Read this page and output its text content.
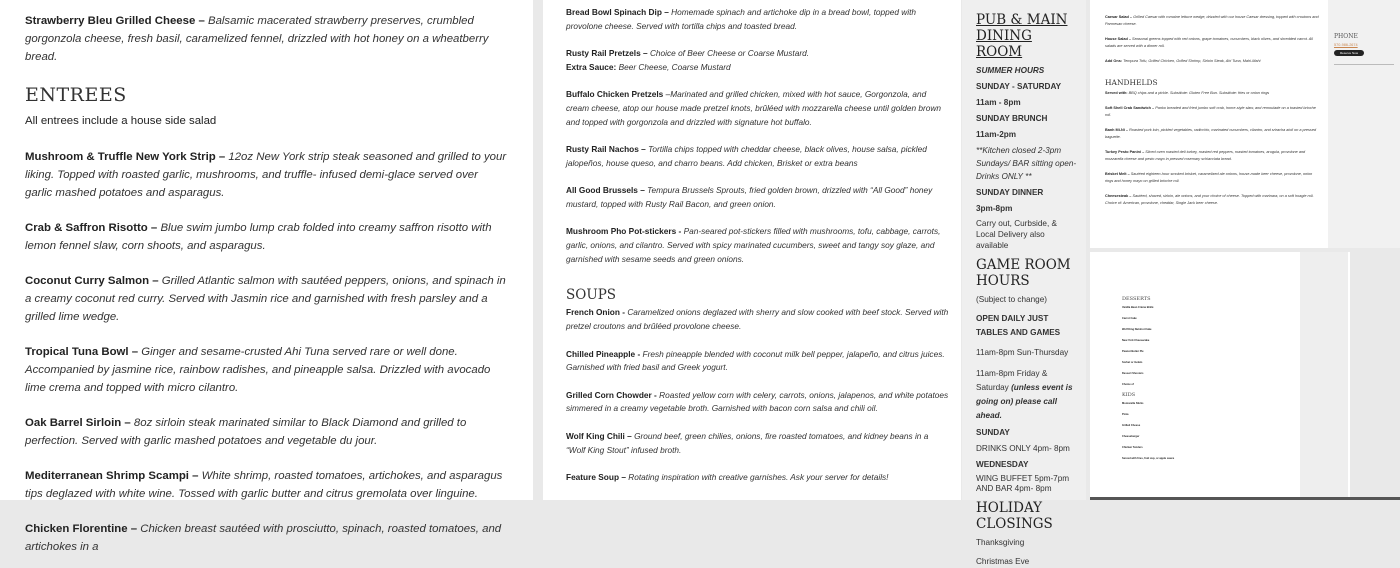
Strawberry Bleu Grilled Cheese – Balsamic macerated strawberry preserves, crumbled gorgonzola cheese, fresh basil, caramelized fennel, drizzled with hot honey on a wheatberry bread.
ENTREES
All entrees include a house side salad
Mushroom & Truffle New York Strip – 12oz New York strip steak seasoned and grilled to your liking. Topped with roasted garlic, mushrooms, and truffle- infused demi-glace served over garlic mashed potatoes and asparagus.
Crab & Saffron Risotto – Blue swim jumbo lump crab folded into creamy saffron risotto with lemon fennel slaw, corn shoots, and asparagus.
Coconut Curry Salmon – Grilled Atlantic salmon with sautéed peppers, onions, and spinach in a creamy coconut red curry. Served with Jasmin rice and garnished with fresh parsley and a grilled lime wedge.
Tropical Tuna Bowl – Ginger and sesame-crusted Ahi Tuna served rare or well done. Accompanied by jasmine rice, rainbow radishes, and pineapple salsa. Drizzled with avocado lime crema and topped with micro cilantro.
Oak Barrel Sirloin – 8oz sirloin steak marinated similar to Black Diamond and grilled to perfection. Served with garlic mashed potatoes and vegetable du jour.
Mediterranean Shrimp Scampi – White shrimp, roasted tomatoes, artichokes, and asparagus tips deglazed with white wine. Tossed with garlic butter and citrus gremolata over linguine.
Chicken Florentine – Chicken breast sautéed with prosciutto, spinach, roasted tomatoes, and artichokes in a
Bread Bowl Spinach Dip – Homemade spinach and artichoke dip in a bread bowl, topped with provolone cheese. Served with tortilla chips and toasted bread.
Rusty Rail Pretzels – Choice of Beer Cheese or Coarse Mustard.
Extra Sauce: Beer Cheese, Coarse Mustard
Buffalo Chicken Pretzels –Marinated and grilled chicken, mixed with hot sauce, Gorgonzola, and cream cheese, atop our house made pretzel knots, brûléed with mozzarella cheese until golden brown and topped with gorgonzola and drizzled with signature hot buffalo.
Rusty Rail Nachos – Tortilla chips topped with cheddar cheese, black olives, house salsa, pickled jalopeños, house queso, and charro beans. Add chicken, Brisket or extra beans
All Good Brussels – Tempura Brussels Sprouts, fried golden brown, drizzled with “All Good” honey mustard, topped with Rusty Rail Bacon, and green onion.
Mushroom Pho Pot-stickers - Pan-seared pot-stickers filled with mushrooms, tofu, cabbage, carrots, garlic, onions, and cilantro. Served with spicy marinated cucumbers, sweet and tangy soy glaze, and garnished with sesame seeds and green onions.
SOUPS
French Onion - Caramelized onions deglazed with sherry and slow cooked with beef stock. Served with pretzel croutons and brûléed provolone cheese.
Chilled Pineapple - Fresh pineapple blended with coconut milk bell pepper, jalapeño, and citrus juices. Garnished with fried basil and Greek yogurt.
Grilled Corn Chowder - Roasted yellow corn with celery, carrots, onions, jalapenos, and white potatoes simmered in a creamy vegetable broth. Garnished with bacon corn salsa and chili oil.
Wolf King Chili – Ground beef, green chilies, onions, fire roasted tomatoes, and kidney beans in a “Wolf King Stout” infused broth.
Feature Soup – Rotating inspiration with creative garnishes. Ask your server for details!
PUB & MAIN DINING ROOM

SUMMER HOURS

SUNDAY - SATURDAY

11am - 8pm

SUNDAY BRUNCH

11am-2pm

**Kitchen closed 2-3pm Sundays/ BAR sitting open- Drinks ONLY **

SUNDAY DINNER

3pm-8pm

Carry out, Curbside, & Local Delivery also available

GAME ROOM HOURS

(Subject to change)

OPEN DAILY JUST TABLES AND GAMES

11am-8pm Sun-Thursday

11am-8pm Friday & Saturday (unless event is going on) please call ahead.

SUNDAY

DRINKS ONLY 4pm- 8pm

WEDNESDAY

WING BUFFET 5pm-7pm AND BAR 4pm- 8pm

HOLIDAY CLOSINGS

Thanksgiving

Christmas Eve

Caesar Salad – Grilled Caesar with romaine lettuce wedge, drizzled with our house Caesar dressing, topped with croutons and Parmesan cheese.
House Salad – Seasonal greens topped with red onions, grape tomatoes, cucumbers, black olives, and shredded carrot. All salads are served with a dinner roll.
Add Ons: Tempura Tofu, Grilled Chicken, Grilled Shrimp, Sirloin Steak, Ahi Tuna, Mahi-Mahi
HANDHELDS
Served with: BBQ chips and a pickle. Substitute: Gluten Free Bun. Substitute: fries or onion rings
Soft Shell Crab Sandwich – Panko breaded and fried jumbo soft crab, home-style slaw, and remoulade on a toasted brioche roll.
Banh Mi-Ni – Roasted pork loin, pickled vegetables, radicchio, marinated cucumbers, cilantro, and sriracha aioli on a pressed baguette.
Turkey Pesto Panini – Sliced oven roasted deli turkey, roasted red peppers, roasted tomatoes, arugula, provolone and mozzarella cheese and pesto mayo in pressed rosemary schiacciata bread.
Brisket Melt – Sautéed eighteen-hour smoked brisket, caramelized ale onions, house-made beer cheese, provolone, onion rings and honey mayo on grilled brioche roll.
Cheesesteak – Sautéed, shaved, sirloin, ale onions, and your choice of cheese. Topped with marinara, on a soft hoagie roll. Choice of: American, provolone, cheddar, Single Jack beer cheese.
PHONE
570-986-2674
Reserve Now
DESSERTS
Vanilla Bean Crème Brûlé
Carrot Cake
Wolf King Nutshot Cake
New York Cheesecake
Peanut Butter Pie
Sorbet or Gelato
Dessert Shooters
Choice of
KIDS
Mozzarella Sticks
Pizza
Grilled Cheese
Cheeseburger
Chicken Tenders
Served with fries, fruit cup, or apple sauce
